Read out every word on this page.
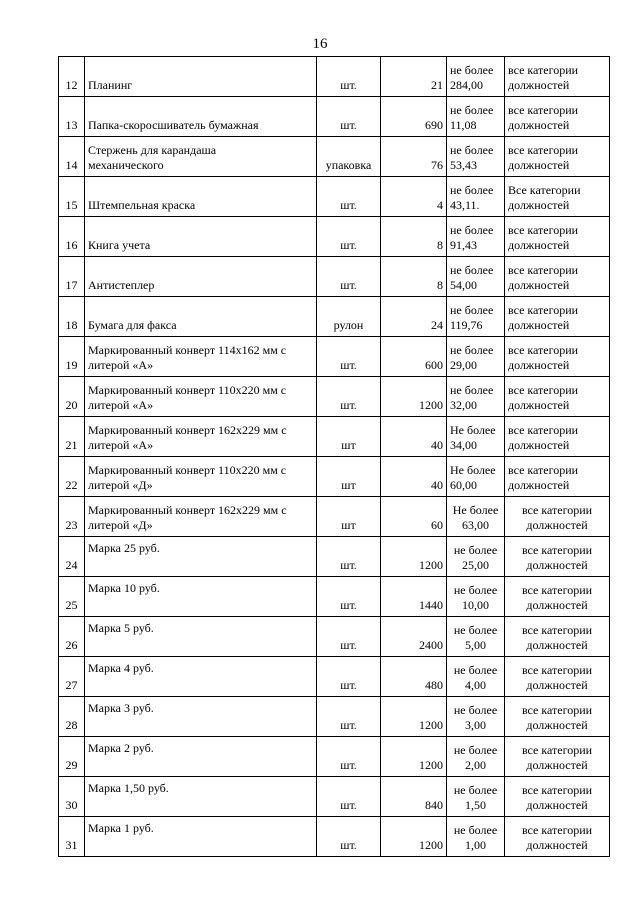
16
12	Планинг	шт.	21	не более
284,00	все категории
должностей

13	Папка-скоросшиватель бумажная	шт.	690	не более
11,08	все категории
должностей

14	Стержень для карандаша
механического	упаковка	76	не более
53,43	все категории
должностей

15	Штемпельная краска	шт.	4	не более
43,11.	Все категории
должностей

16	Книга учета	шт.	8	не более
91,43	все категории
должностей

17	Антистеплер	шт.	8	не более
54,00	все категории
должностей

18	Бумага для факса	рулон	24	не более
119,76	все категории
должностей

19	Маркированный конверт 114х162 мм с
литерой «А»	шт.	600	не более
29,00	все категории
должностей

20	Маркированный конверт 110х220 мм с
литерой «А»	шт.	1200	не более
32,00	все категории
должностей

21	Маркированный конверт 162х229 мм с
литерой «А»	шт	40	Не более
34,00	все категории
должностей

22	Маркированный конверт 110х220 мм с
литерой «Д»	шт	40	Не более
60,00	все категории
должностей

23	Маркированный конверт 162х229 мм с
литерой «Д»	шт	60	Не более
63,00	все категории
должностей

24	Марка 25 руб.	шт.	1200	не более
25,00	все категории
должностей

25	Марка 10 руб.	шт.	1440	не более
10,00	все категории
должностей

26	Марка 5 руб.	шт.	2400	не более
5,00	все категории
должностей

27	Марка 4 руб.	шт.	480	не более
4,00	все категории
должностей

28	Марка 3 руб.	шт.	1200	не более
3,00	все категории
должностей

29	Марка 2 руб.	шт.	1200	не более
2,00	все категории
должностей

30	Марка 1,50 руб.	шт.	840	не более
1,50	все категории
должностей

31	Марка 1 руб.	шт.	1200	не более
1,00	все категории
должностей
